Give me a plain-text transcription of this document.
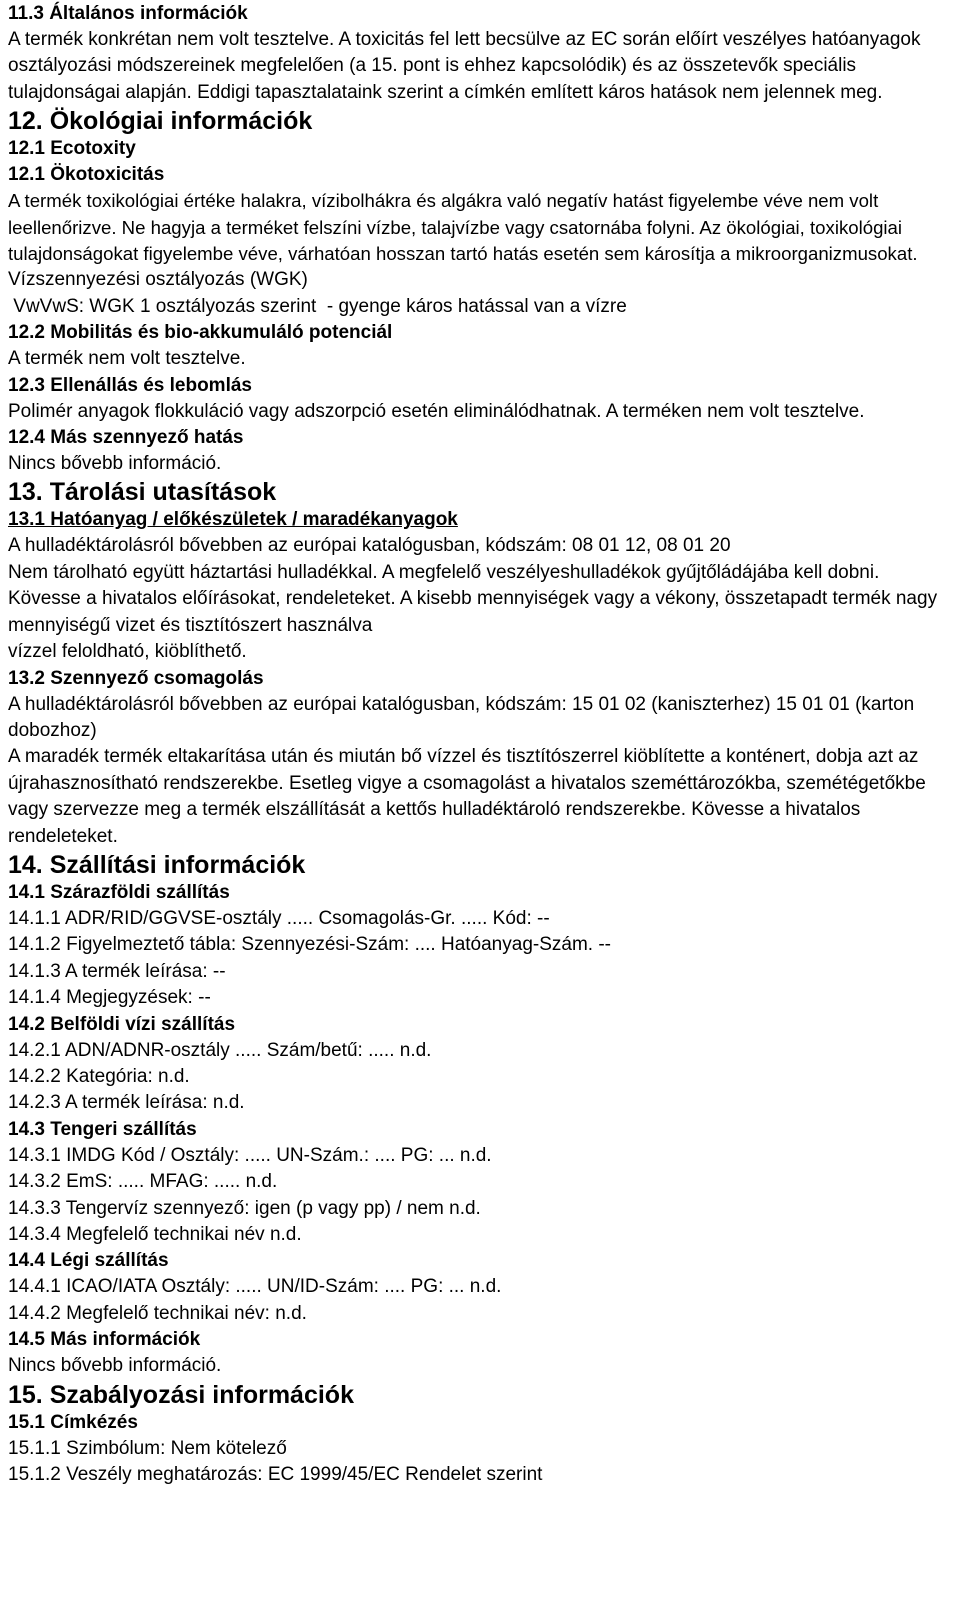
11.3 Általános információk

A termék konkrétan nem volt tesztelve. A toxicitás fel lett becsülve az EC során előírt veszélyes hatóanyagok osztályozási módszereinek megfelelően (a 15. pont is ehhez kapcsolódik) és az összetevők speciális tulajdonságai alapján. Eddigi tapasztalataink szerint a címkén említett káros hatások nem jelennek meg.

12. Ökológiai információk
12.1 Ecotoxity
12.1 Ökotoxicitás

A termék toxikológiai értéke halakra, vízibolhákra és algákra való negatív hatást figyelembe véve nem volt leellenőrizve. Ne hagyja a terméket felszíni vízbe, talajvízbe vagy csatornába folyni. Az ökológiai, toxikológiai tulajdonságokat figyelembe véve, várhatóan hosszan tartó hatás esetén sem károsítja a mikroorganizmusokat.

Vízszennyezési osztályozás (WGK)

VwVwS: WGK 1 osztályozás szerint  - gyenge káros hatással van a vízre

12.2 Mobilitás és bio-akkumuláló potenciál

A termék nem volt tesztelve.

12.3 Ellenállás és lebomlás

Polimér anyagok flokkuláció vagy adszorpció esetén eliminálódhatnak. A terméken nem volt tesztelve.

12.4 Más szennyező hatás

Nincs bővebb információ.

13. Tárolási utasítások
13.1 Hatóanyag / előkészületek / maradékanyagok

A hulladéktárolásról bővebben az európai katalógusban, kódszám: 08 01 12, 08 01 20

Nem tárolható együtt háztartási hulladékkal. A megfelelő veszélyeshulladékok gyűjtőládájába kell dobni. Kövesse a hivatalos előírásokat, rendeleteket. A kisebb mennyiségek vagy a vékony, összetapadt termék nagy mennyiségű vizet és tisztítószert használva

vízzel feloldható, kiöblíthető.

13.2 Szennyező csomagolás

A hulladéktárolásról bővebben az európai katalógusban, kódszám: 15 01 02 (kaniszterhez) 15 01 01 (karton dobozhoz)

A maradék termék eltakarítása után és miután bő vízzel és tisztítószerrel kiöblítette a konténert, dobja azt az újrahasznosítható rendszerekbe. Esetleg vigye a csomagolást a hivatalos szeméttározókba, szemétégetőkbe vagy szervezze meg a termék elszállítását a kettős hulladéktároló rendszerekbe. Kövesse a hivatalos rendeleteket.

14. Szállítási információk
14.1 Szárazföldi szállítás

14.1.1 ADR/RID/GGVSE-osztály ..... Csomagolás-Gr. ..... Kód: --

14.1.2 Figyelmeztető tábla: Szennyezési-Szám: .... Hatóanyag-Szám. --

14.1.3 A termék leírása: --

14.1.4 Megjegyzések: --

14.2 Belföldi vízi szállítás

14.2.1 ADN/ADNR-osztály ..... Szám/betű: ..... n.d.

14.2.2 Kategória: n.d.

14.2.3 A termék leírása: n.d.

14.3 Tengeri szállítás

14.3.1 IMDG Kód / Osztály: ..... UN-Szám.: .... PG: ... n.d.

14.3.2 EmS: ..... MFAG: ..... n.d.

14.3.3 Tengervíz szennyező: igen (p vagy pp) / nem n.d.

14.3.4 Megfelelő technikai név n.d.

14.4 Légi szállítás

14.4.1 ICAO/IATA Osztály: ..... UN/ID-Szám: .... PG: ... n.d.

14.4.2 Megfelelő technikai név: n.d.

14.5 Más információk

Nincs bővebb információ.

15. Szabályozási információk
15.1 Címkézés

15.1.1 Szimbólum: Nem kötelező

15.1.2 Veszély meghatározás: EC 1999/45/EC Rendelet szerint
